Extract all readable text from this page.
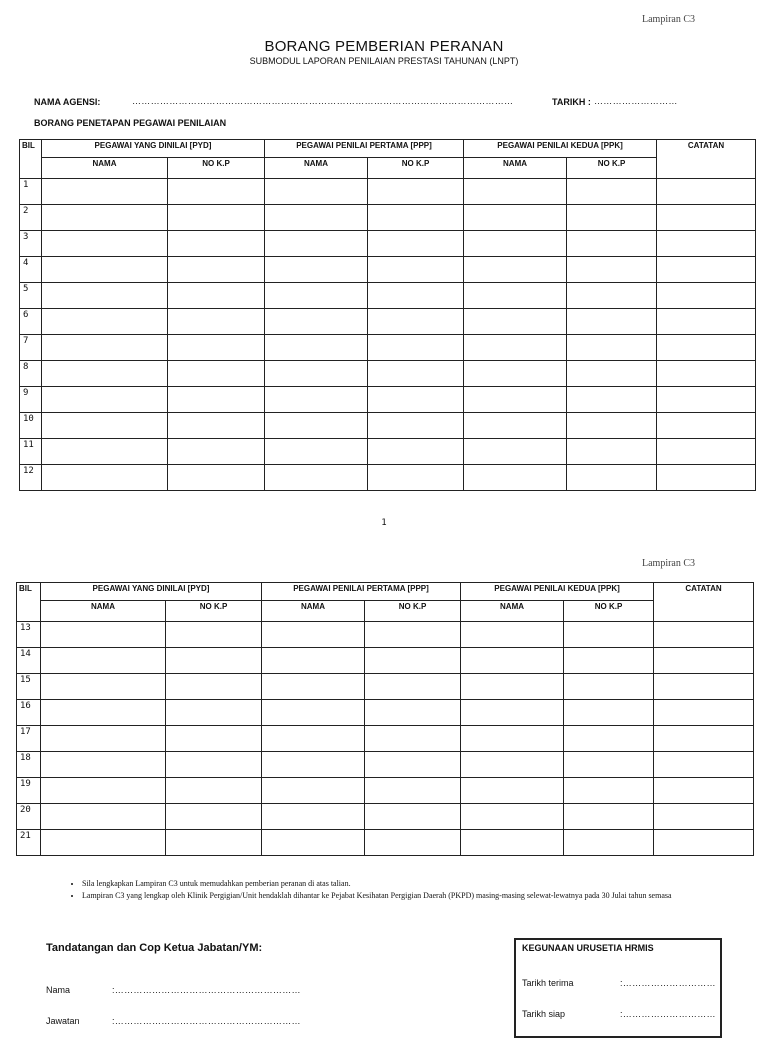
Lampiran C3
BORANG PEMBERIAN PERANAN
SUBMODUL LAPORAN PENILAIAN PRESTASI TAHUNAN (LNPT)
NAMA AGENSI:	……………………………………………………………………………………………………………	TARIKH : ………………………
BORANG PENETAPAN PEGAWAI PENILAIAN
BIL	PEGAWAI YANG DINILAI [PYD]		PEGAWAI PENILAI PERTAMA [PPP]		PEGAWAI PENILAI KEDUA [PPK]		CATATAN
	NAMA	NO K.P	NAMA	NO K.P	NAMA	NO K.P	
1							
2							
3							
4							
5							
6							
7							
8							
9							
10							
11							
12							
1
Lampiran C3
BIL	PEGAWAI YANG DINILAI [PYD]		PEGAWAI PENILAI PERTAMA [PPP]		PEGAWAI PENILAI KEDUA [PPK]		CATATAN
	NAMA	NO K.P	NAMA	NO K.P	NAMA	NO K.P	
13							
14							
15							
16							
17							
18							
19							
20							
21							
• Sila lengkapkan Lampiran C3 untuk memudahkan pemberian peranan di atas talian.
• Lampiran C3 yang lengkap oleh Klinik Pergigian/Unit hendaklah dihantar ke Pejabat Kesihatan Pergigian Daerah (PKPD) masing-masing selewat-lewatnya pada 30 Julai tahun semasa
Tandatangan dan Cop Ketua Jabatan/YM:
Nama	:……………………………………………………
Jawatan	:……………………………………………………
KEGUNAAN URUSETIA HRMIS
Tarikh terima	:…………………………
Tarikh siap	:…………………………
